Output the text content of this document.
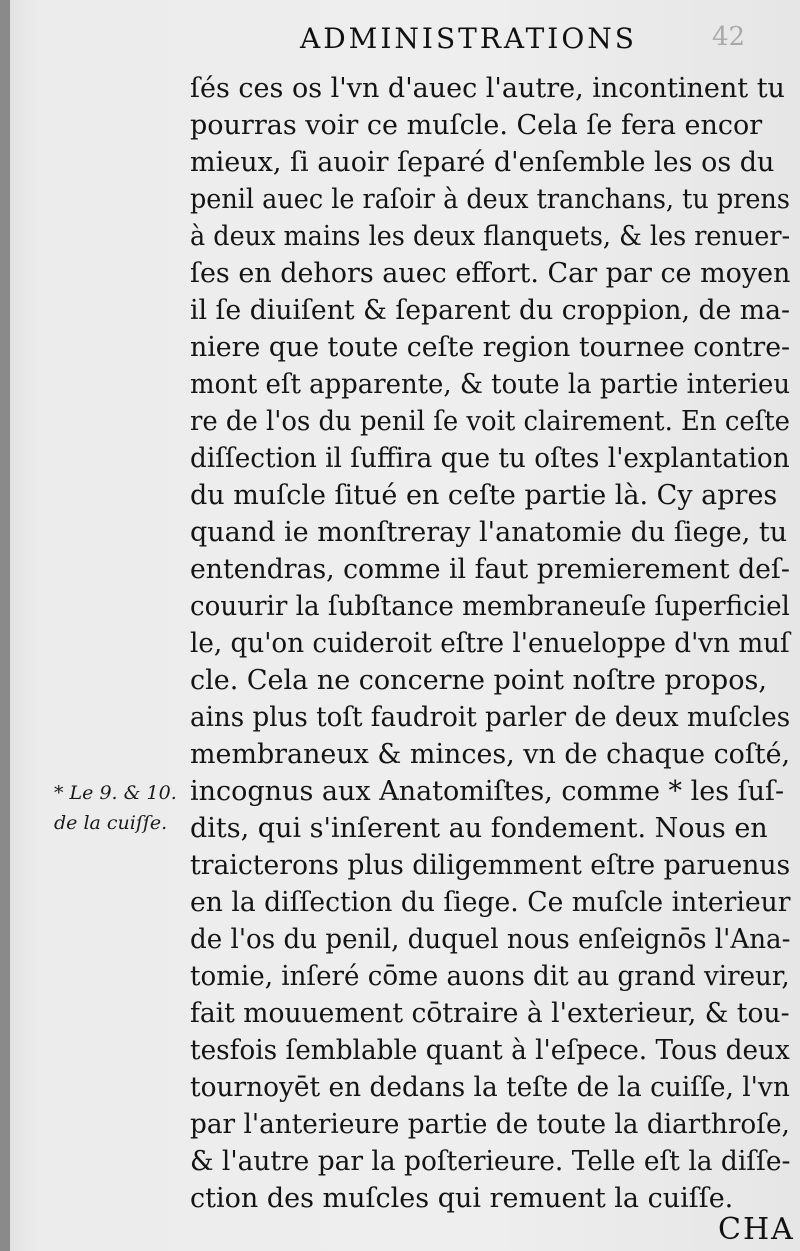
42
ADMINISTRATIONS
ſés ces os l'vn d'auec l'autre, incontinent tu
pourras voir ce muſcle. Cela ſe fera encor
mieux, ſi auoir ſeparé d'enſemble les os du
penil auec le raſoir à deux tranchans, tu prens
à deux mains les deux flanquets, & les renuer-
ſes en dehors auec effort. Car par ce moyen
il ſe diuiſent & ſeparent du croppion, de ma-
niere que toute ceſte region tournee contre-
mont eſt apparente, & toute la partie interieu
re de l'os du penil ſe voit clairement. En ceſte
diſſection il ſuffira que tu oſtes l'explantation
du muſcle ſitué en ceſte partie là. Cy apres
quand ie monſtreray l'anatomie du ſiege, tu
entendras, comme il faut premierement deſ-
couurir la ſubſtance membraneuſe ſuperficiel
le, qu'on cuideroit eſtre l'enueloppe d'vn muſ
cle. Cela ne concerne point noſtre propos,
ains plus toſt faudroit parler de deux muſcles
membraneux & minces, vn de chaque coſté,
incognus aux Anatomiſtes, comme * les ſuſ-
dits, qui s'inſerent au fondement. Nous en
traicterons plus diligemment eſtre paruenus
en la diſſection du ſiege. Ce muſcle interieur
de l'os du penil, duquel nous enſeignōs l'Ana-
tomie, inſeré cōme auons dit au grand vireur,
fait mouuement cōtraire à l'exterieur, & tou-
tesfois ſemblable quant à l'eſpece. Tous deux
tournoyēt en dedans la teſte de la cuiſſe, l'vn
par l'anterieure partie de toute la diarthroſe,
& l'autre par la poſterieure. Telle eſt la diſſe-
ction des muſcles qui remuent la cuiſſe.
* Le 9. & 10.
de la cuiſſe.
CHA
